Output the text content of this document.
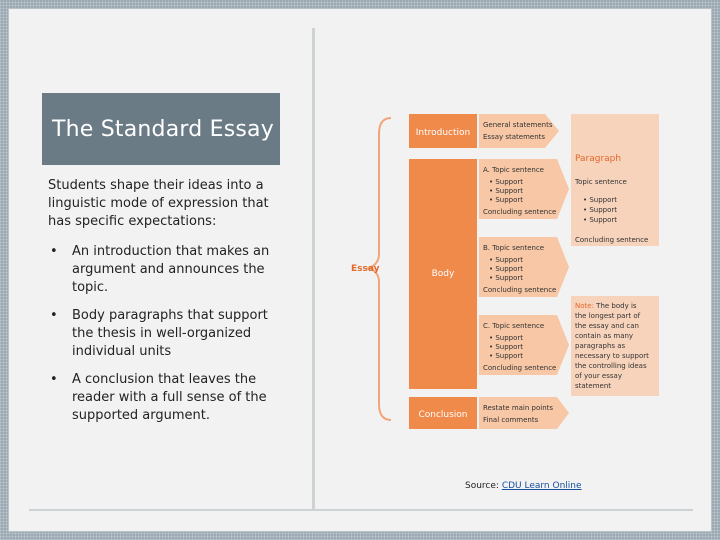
The Standard Essay

Students shape their ideas into a linguistic mode of expression that has specific expectations:

• An introduction that makes an argument and announces the topic.
• Body paragraphs that support the thesis in well-organized individual units
• A conclusion that leaves the reader with a full sense of the supported argument.
Essay
Introduction
Body
Conclusion
General statements
Essay statements
Paragraph
Topic sentence
• Support
• Support
• Support
Concluding sentence
A. Topic sentence
• Support
• Support
• Support
Concluding sentence
B. Topic sentence
• Support
• Support
• Support
Concluding sentence
C. Topic sentence
• Support
• Support
• Support
Concluding sentence
Note: The body is
the longest part of
the essay and can
contain as many
paragraphs as
necessary to support
the controlling ideas
of your essay
statement
Restate main points
Final comments
Source: CDU Learn Online
